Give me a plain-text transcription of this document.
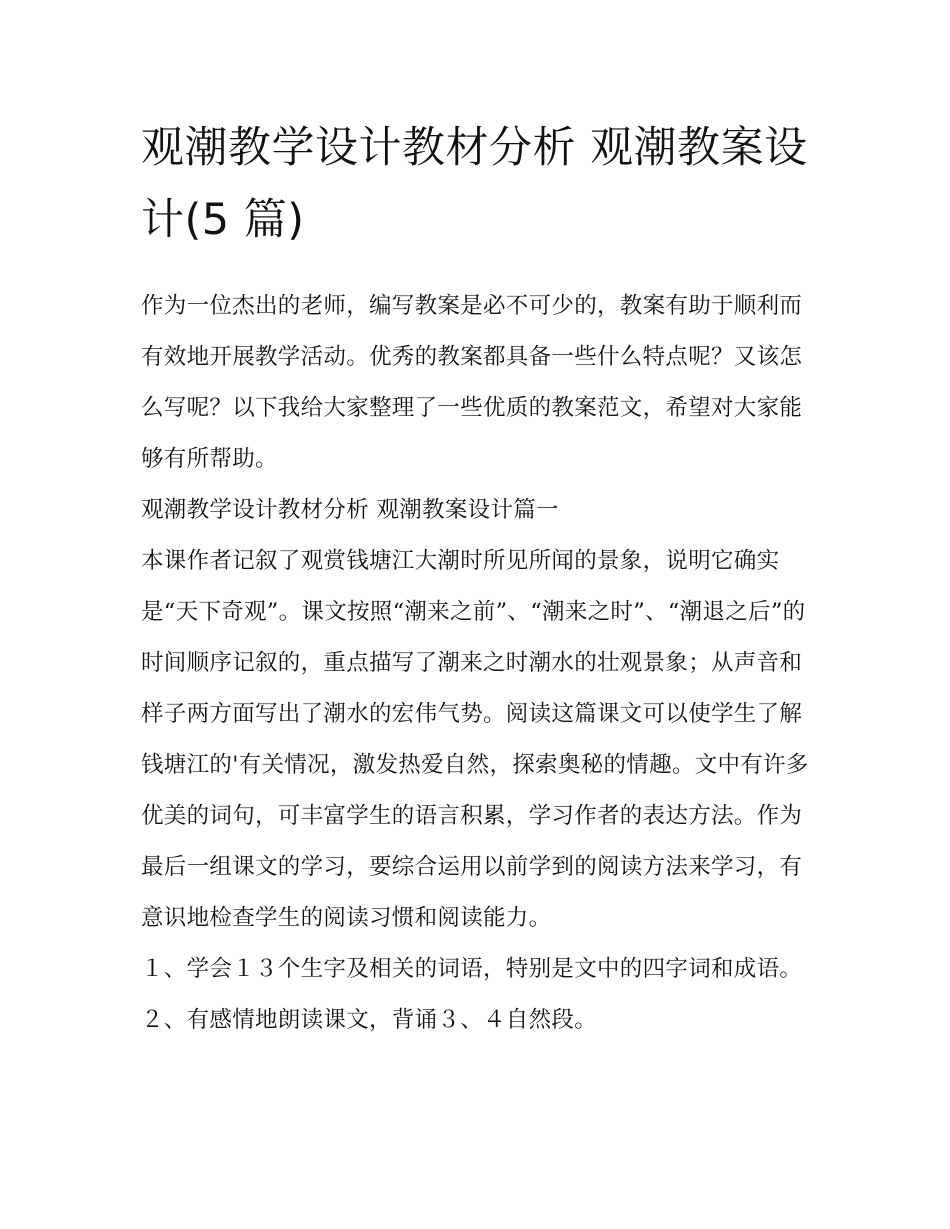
观潮教学设计教材分析 观潮教案设计(5 篇)

作为一位杰出的老师，编写教案是必不可少的，教案有助于顺利而有效地开展教学活动。优秀的教案都具备一些什么特点呢？又该怎么写呢？以下我给大家整理了一些优质的教案范文，希望对大家能够有所帮助。

观潮教学设计教材分析 观潮教案设计篇一

本课作者记叙了观赏钱塘江大潮时所见所闻的景象，说明它确实是“天下奇观”。课文按照“潮来之前”、“潮来之时”、“潮退之后”的时间顺序记叙的，重点描写了潮来之时潮水的壮观景象；从声音和样子两方面写出了潮水的宏伟气势。阅读这篇课文可以使学生了解钱塘江的'有关情况，激发热爱自然，探索奥秘的情趣。文中有许多优美的词句，可丰富学生的语言积累，学习作者的表达方法。作为最后一组课文的学习，要综合运用以前学到的阅读方法来学习，有意识地检查学生的阅读习惯和阅读能力。

１、学会１３个生字及相关的词语，特别是文中的四字词和成语。 ２、有感情地朗读课文，背诵３、４自然段。
